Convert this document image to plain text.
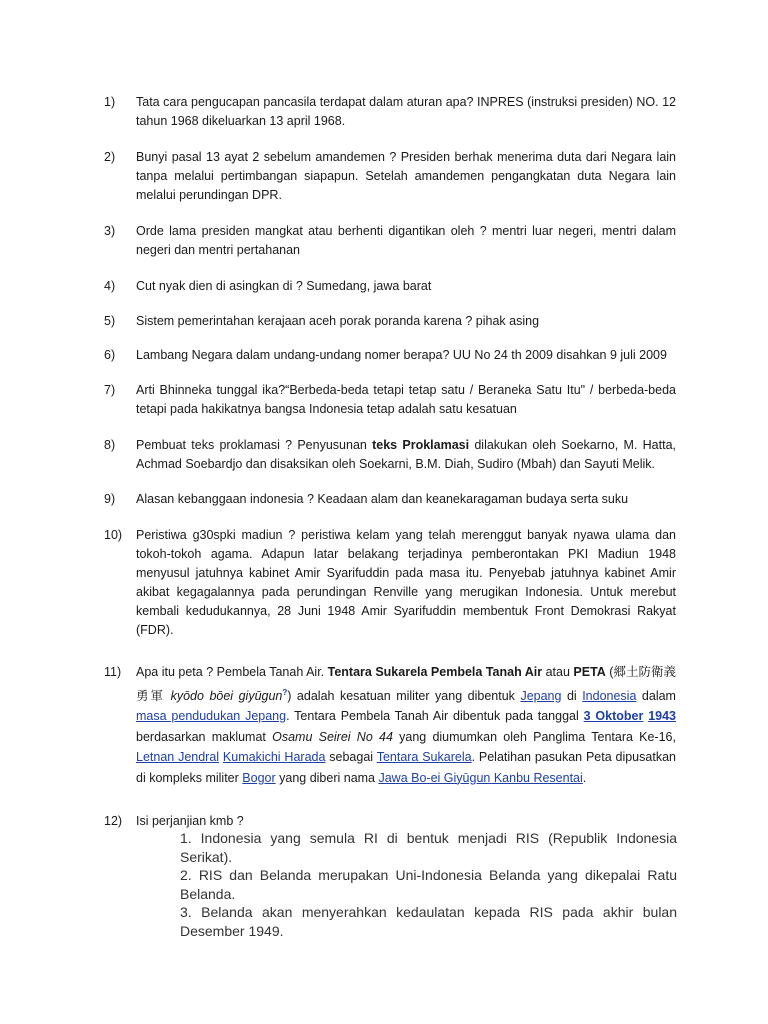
1)	Tata cara pengucapan pancasila terdapat dalam aturan apa? INPRES (instruksi presiden) NO. 12 tahun 1968 dikeluarkan 13 april 1968.
2)	Bunyi pasal 13 ayat 2 sebelum amandemen ? Presiden berhak menerima duta dari Negara lain tanpa melalui pertimbangan siapapun. Setelah amandemen pengangkatan duta Negara lain melalui perundingan DPR.
3)	Orde lama presiden mangkat atau berhenti digantikan oleh ? mentri luar negeri, mentri dalam negeri dan mentri pertahanan
4)	Cut nyak dien di asingkan di ? Sumedang, jawa barat
5)	Sistem pemerintahan kerajaan aceh porak poranda karena ? pihak asing
6)	Lambang Negara dalam undang-undang nomer berapa? UU No 24 th 2009 disahkan 9 juli 2009
7)	Arti Bhinneka tunggal ika?“Berbeda-beda tetapi tetap satu / Beraneka Satu Itu" / berbeda-beda tetapi pada hakikatnya bangsa Indonesia tetap adalah satu kesatuan
8)	Pembuat teks proklamasi ? Penyusunan teks Proklamasi dilakukan oleh Soekarno, M. Hatta, Achmad Soebardjo dan disaksikan oleh Soekarni, B.M. Diah, Sudiro (Mbah) dan Sayuti Melik.
9)	Alasan kebanggaan indonesia ? Keadaan alam dan keanekaragaman budaya serta suku
10)	Peristiwa g30spki madiun ? peristiwa kelam yang telah merenggut banyak nyawa ulama dan tokoh-tokoh agama. Adapun latar belakang terjadinya pemberontakan PKI Madiun 1948 menyusul jatuhnya kabinet Amir Syarifuddin pada masa itu. Penyebab jatuhnya kabinet Amir akibat kegagalannya pada perundingan Renville yang merugikan Indonesia. Untuk merebut kembali kedudukannya, 28 Juni 1948 Amir Syarifuddin membentuk Front Demokrasi Rakyat (FDR).
11)	Apa itu peta ? Pembela Tanah Air. Tentara Sukarela Pembela Tanah Air atau PETA (郷土防衛義勇軍 kyōdo bōei giyūgun?) adalah kesatuan militer yang dibentuk Jepang di Indonesia dalam masa pendudukan Jepang. Tentara Pembela Tanah Air dibentuk pada tanggal 3 Oktober 1943 berdasarkan maklumat Osamu Seirei No 44 yang diumumkan oleh Panglima Tentara Ke-16, Letnan Jendral Kumakichi Harada sebagai Tentara Sukarela. Pelatihan pasukan Peta dipusatkan di kompleks militer Bogor yang diberi nama Jawa Bo-ei Giyūgun Kanbu Resentai.
12)	Isi perjanjian kmb ?
1. Indonesia yang semula RI di bentuk menjadi RIS (Republik Indonesia Serikat).
2. RIS dan Belanda merupakan Uni-Indonesia Belanda yang dikepalai Ratu Belanda.
3. Belanda akan menyerahkan kedaulatan kepada RIS pada akhir bulan Desember 1949.
